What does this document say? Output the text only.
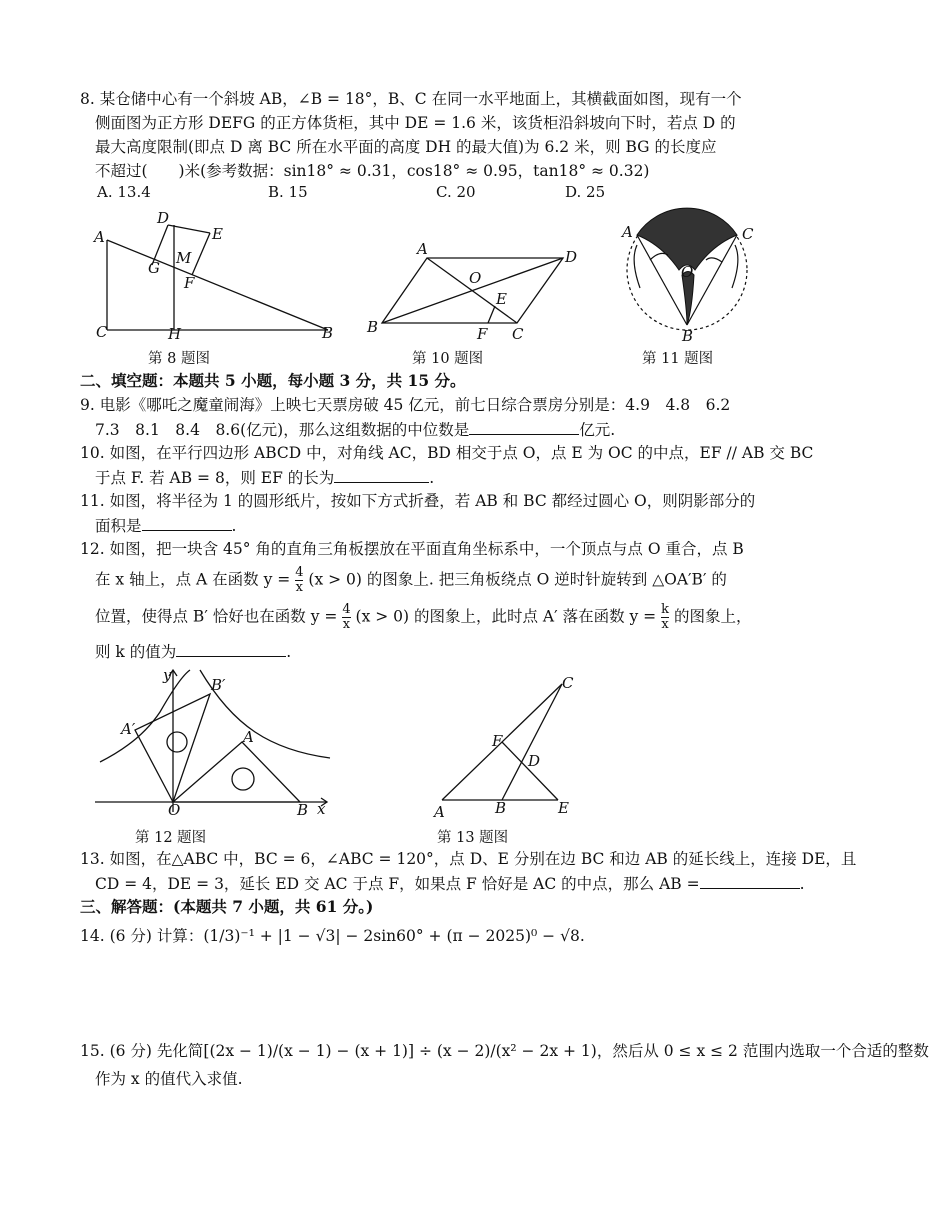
8. 某仓储中心有一个斜坡 AB，∠B = 18°，B、C 在同一水平地面上，其横截面如图，现有一个
侧面图为正方形 DEFG 的正方体货柜，其中 DE = 1.6 米，该货柜沿斜坡向下时，若点 D 的
最大高度限制(即点 D 离 BC 所在水平面的高度 DH 的最大值)为 6.2 米，则 BG 的长度应
不超过(　　)米(参考数据：sin18° ≈ 0.31，cos18° ≈ 0.95，tan18° ≈ 0.32)
A. 13.4	B. 15	C. 20	D. 25
A
D
E
G
M
F
C	H	B
第 8 题图
A	D
O
E
F C
B
第 10 题图
A	C
O
B
第 11 题图
二、填空题：本题共 5 小题，每小题 3 分，共 15 分。
9. 电影《哪吒之魔童闹海》上映七天票房破 45 亿元，前七日综合票房分别是：4.9　4.8　6.2
7.3　8.1　8.4　8.6(亿元)，那么这组数据的中位数是	亿元.
10. 如图，在平行四边形 ABCD 中，对角线 AC，BD 相交于点 O，点 E 为 OC 的中点，EF // AB 交 BC
于点 F. 若 AB = 8，则 EF 的长为	.
11. 如图，将半径为 1 的圆形纸片，按如下方式折叠，若 AB 和 BC 都经过圆心 O，则阴影部分的
面积是	.
12. 如图，把一块含 45° 角的直角三角板摆放在平面直角坐标系中，一个顶点与点 O 重合，点 B
在 x 轴上，点 A 在函数 $y = \frac{4}{x} (x > 0)$ 的图象上. 把三角板绕点 O 逆时针旋转到 △OA′B′ 的
位置，使得点 B′ 恰好也在函数 $y = \frac{4}{x} (x > 0)$ 的图象上，此时点 A′ 落在函数 $y = \frac{k}{x}$ 的图象上，
则 k 的值为	.
y
B′
A′	A
O	B x
第 12 题图
A	B	E
C
F
D
第 13 题图
13. 如图，在△ABC 中，BC = 6，∠ABC = 120°，点 D、E 分别在边 BC 和边 AB 的延长线上，连接 DE，且
CD = 4，DE = 3，延长 ED 交 AC 于点 F，如果点 F 恰好是 AC 的中点，那么 AB =	.
三、解答题：(本题共 7 小题，共 61 分。)
14. (6 分) 计算：(1/3)⁻¹ + |1 − √3| − 2sin60° + (π − 2025)⁰ − √8.
15. (6 分) 先化简[(2x − 1)/(x − 1) − (x + 1)] ÷ (x − 2)/(x² − 2x + 1)，然后从 0 ≤ x ≤ 2 范围内选取一个合适的整数
作为 x 的值代入求值.
